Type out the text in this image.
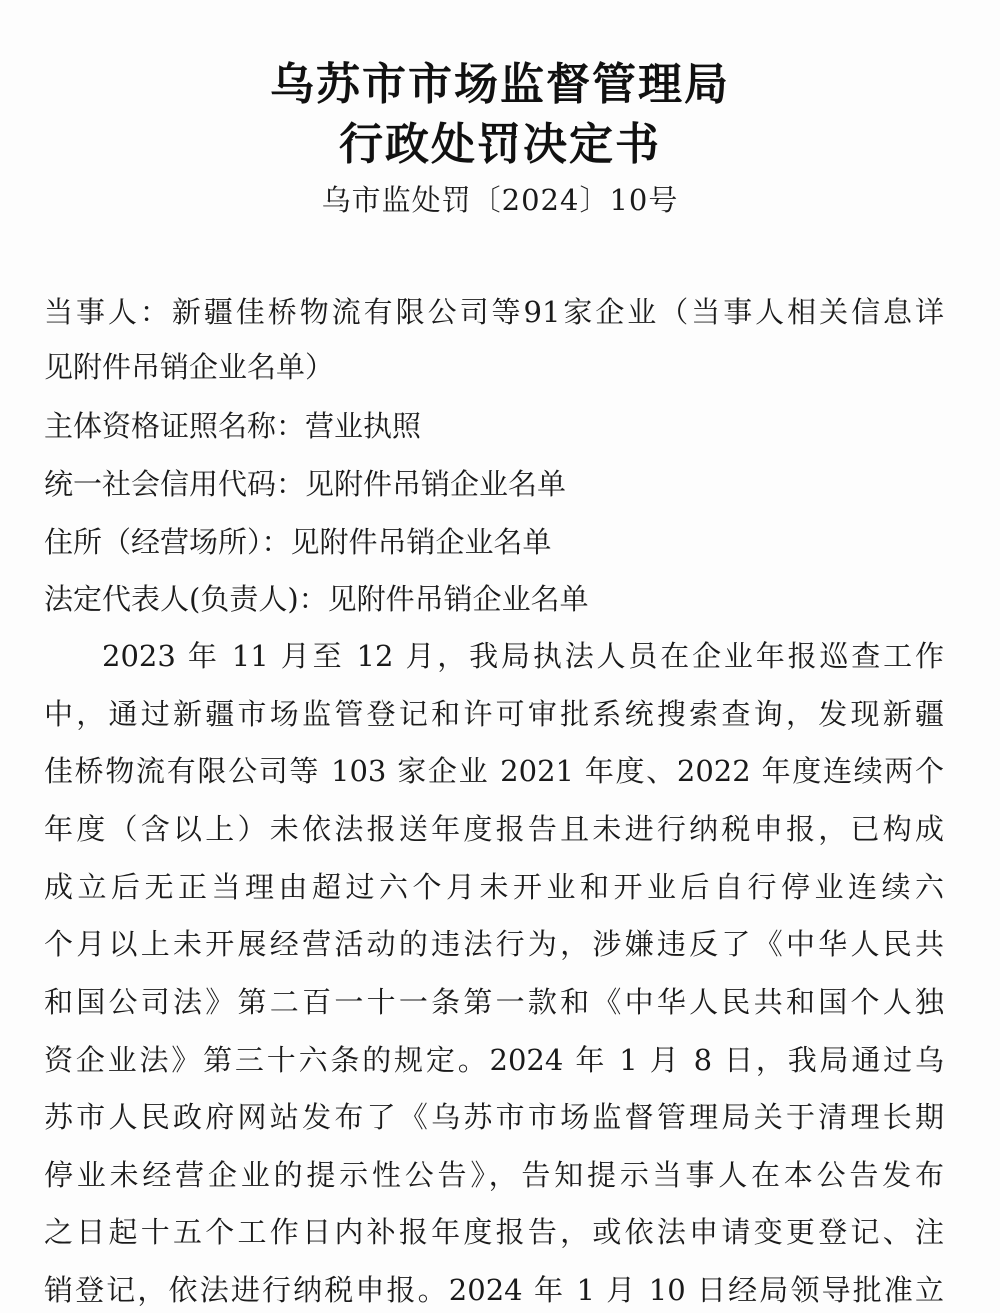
乌苏市市场监督管理局
行政处罚决定书
乌市监处罚〔2024〕10号
当事人：新疆佳桥物流有限公司等91家企业（当事人相关信息详
见附件吊销企业名单）
主体资格证照名称：营业执照
统一社会信用代码：见附件吊销企业名单
住所（经营场所）：见附件吊销企业名单
法定代表人(负责人)：见附件吊销企业名单
2023 年 11 月至 12 月，我局执法人员在企业年报巡查工作
中，通过新疆市场监管登记和许可审批系统搜索查询，发现新疆
佳桥物流有限公司等 103 家企业 2021 年度、2022 年度连续两个
年度（含以上）未依法报送年度报告且未进行纳税申报，已构成
成立后无正当理由超过六个月未开业和开业后自行停业连续六
个月以上未开展经营活动的违法行为，涉嫌违反了《中华人民共
和国公司法》第二百一十一条第一款和《中华人民共和国个人独
资企业法》第三十六条的规定。2024 年 1 月 8 日，我局通过乌
苏市人民政府网站发布了《乌苏市市场监督管理局关于清理长期
停业未经营企业的提示性公告》，告知提示当事人在本公告发布
之日起十五个工作日内补报年度报告，或依法申请变更登记、注
销登记，依法进行纳税申报。2024 年 1 月 10 日经局领导批准立
